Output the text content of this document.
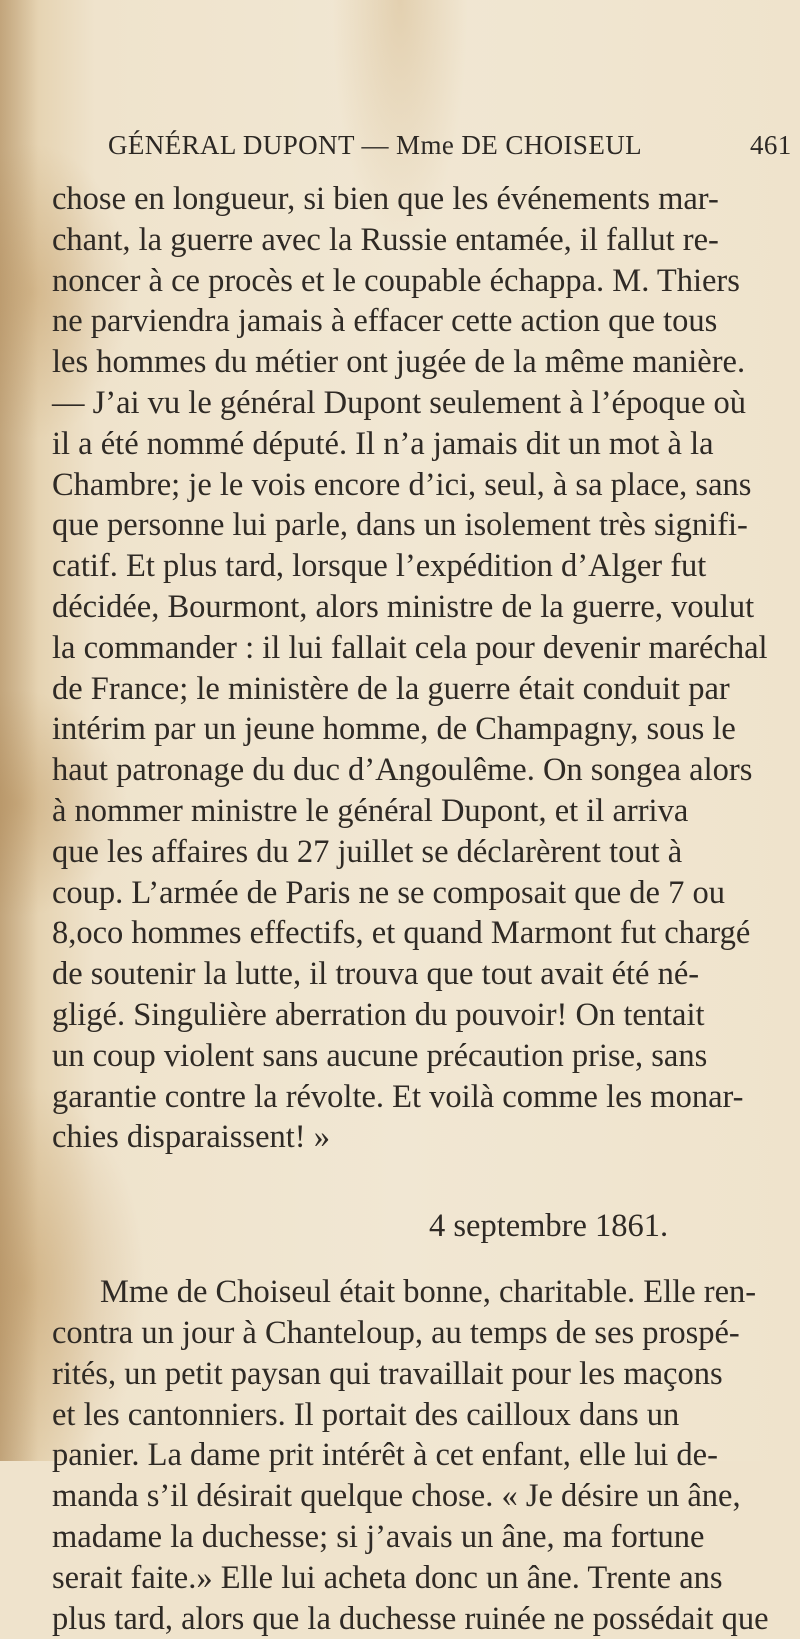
GÉNÉRAL DUPONT — Mme DE CHOISEUL	461
chose en longueur, si bien que les événements mar-
chant, la guerre avec la Russie entamée, il fallut re-
noncer à ce procès et le coupable échappa. M. Thiers
ne parviendra jamais à effacer cette action que tous
les hommes du métier ont jugée de la même manière.
— J’ai vu le général Dupont seulement à l’époque où
il a été nommé député. Il n’a jamais dit un mot à la
Chambre; je le vois encore d’ici, seul, à sa place, sans
que personne lui parle, dans un isolement très signifi-
catif. Et plus tard, lorsque l’expédition d’Alger fut
décidée, Bourmont, alors ministre de la guerre, voulut
la commander : il lui fallait cela pour devenir maréchal
de France; le ministère de la guerre était conduit par
intérim par un jeune homme, de Champagny, sous le
haut patronage du duc d’Angoulême. On songea alors
à nommer ministre le général Dupont, et il arriva
que les affaires du 27 juillet se déclarèrent tout à
coup. L’armée de Paris ne se composait que de 7 ou
8,oco hommes effectifs, et quand Marmont fut chargé
de soutenir la lutte, il trouva que tout avait été né-
gligé. Singulière aberration du pouvoir! On tentait
un coup violent sans aucune précaution prise, sans
garantie contre la révolte. Et voilà comme les monar-
chies disparaissent! »
4 septembre 1861.
Mme de Choiseul était bonne, charitable. Elle ren-
contra un jour à Chanteloup, au temps de ses prospé-
rités, un petit paysan qui travaillait pour les maçons
et les cantonniers. Il portait des cailloux dans un
panier. La dame prit intérêt à cet enfant, elle lui de-
manda s’il désirait quelque chose. « Je désire un âne,
madame la duchesse; si j’avais un âne, ma fortune
serait faite.» Elle lui acheta donc un âne. Trente ans
plus tard, alors que la duchesse ruinée ne possédait que
